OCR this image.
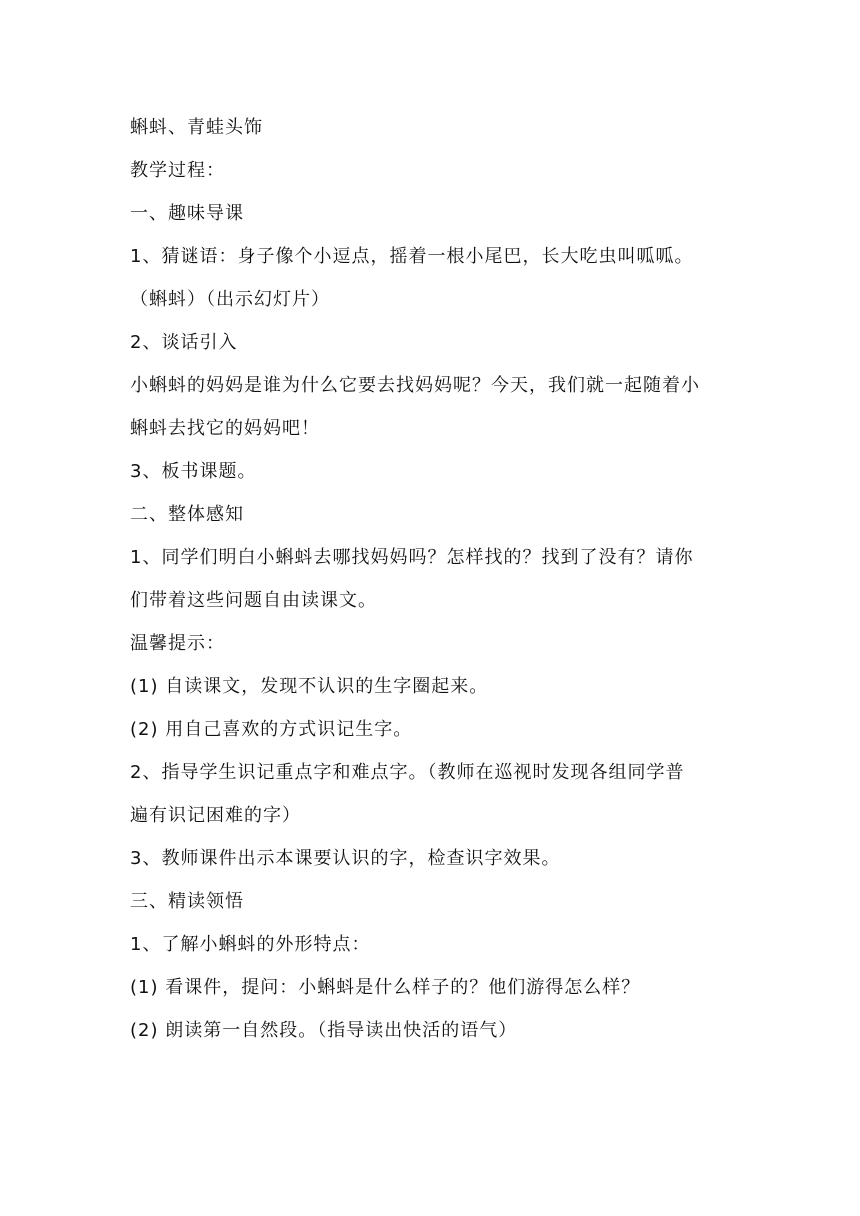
蝌蚪、青蛙头饰
教学过程：
一、趣味导课
1、猜谜语：身子像个小逗点，摇着一根小尾巴，长大吃虫叫呱呱。
（蝌蚪）（出示幻灯片）
2、谈话引入
小蝌蚪的妈妈是谁为什么它要去找妈妈呢？今天，我们就一起随着小
蝌蚪去找它的妈妈吧！
3、板书课题。
二、整体感知
1、同学们明白小蝌蚪去哪找妈妈吗？怎样找的？找到了没有？请你
们带着这些问题自由读课文。
温馨提示：
(1) 自读课文，发现不认识的生字圈起来。
(2) 用自己喜欢的方式识记生字。
2、指导学生识记重点字和难点字。（教师在巡视时发现各组同学普
遍有识记困难的字）
3、教师课件出示本课要认识的字，检查识字效果。
三、精读领悟
1、了解小蝌蚪的外形特点：
(1) 看课件，提问：小蝌蚪是什么样子的？他们游得怎么样？
(2) 朗读第一自然段。（指导读出快活的语气）
